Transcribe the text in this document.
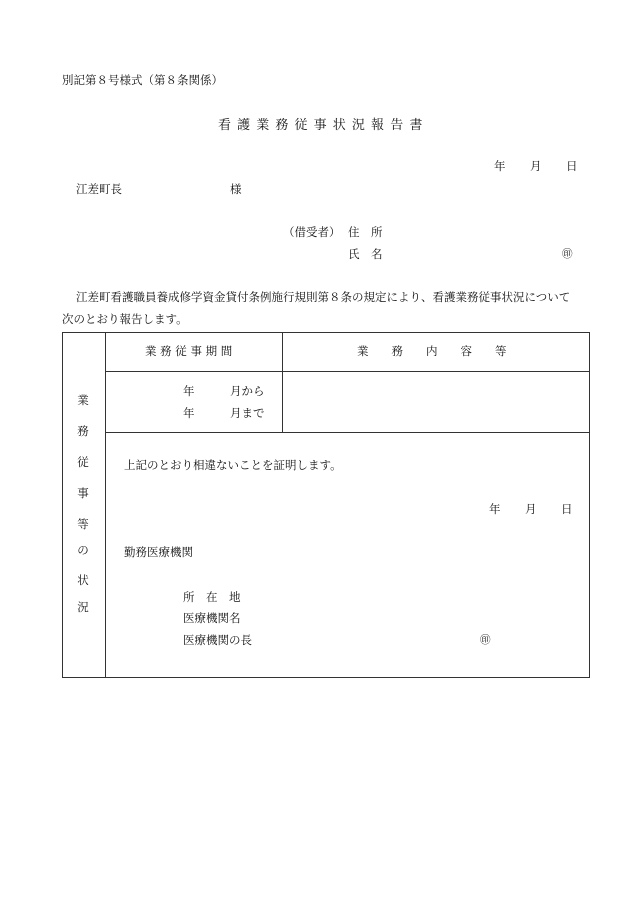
別記第８号様式（第８条関係）
看 護 業 務 従 事 状 況 報 告 書
年 月 日
江差町長	様
（借受者） 住　所
氏　名	㊞
江差町看護職員養成修学資金貸付条例施行規則第８条の規定により、看護業務従事状況について
次のとおり報告します。
業
務
従
事
等
の
状
況
業 務 従 事 期 間	業　　務　　内　　容　　等
年	月から
年	月まで
上記のとおり相違ないことを証明します。
年 月 日
勤務医療機関
所　在　地
医療機関名
医療機関の長	㊞
